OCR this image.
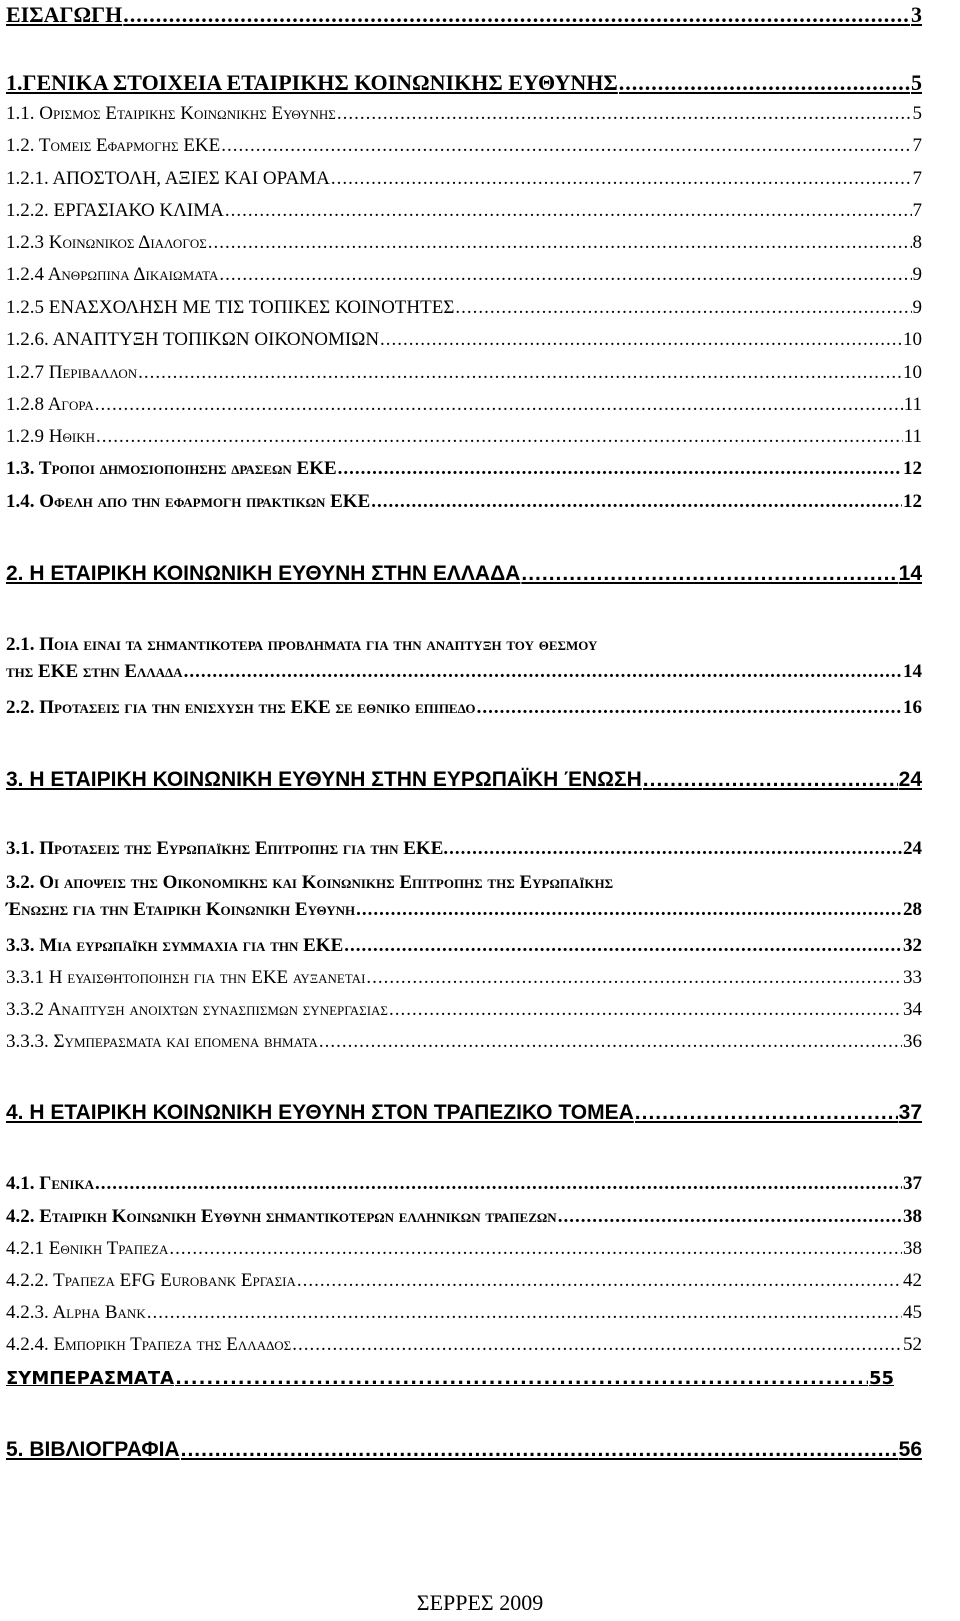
ΕΙΣΑΓΩΓΗ .....	3
1.ΓΕΝΙΚΑ ΣΤΟΙΧΕΙΑ ΕΤΑΙΡΙΚΗΣ ΚΟΙΝΩΝΙΚΗΣ ΕΥΘΥΝΗΣ .....	5
1.1. Ορισμος Εταιρικης Κοινωνικης Ευθυνης .....	5
1.2. Τομεις Εφαρμογης ΕΚΕ .....	7
1.2.1. ΑΠΟΣΤΟΛΗ, ΑΞΙΕΣ ΚΑΙ ΟΡΑΜΑ .....	7
1.2.2. ΕΡΓΑΣΙΑΚΟ ΚΛΙΜΑ .....	7
1.2.3 Κοινωνικος Διαλογος .....	8
1.2.4 Ανθρωπινα Δικαιωματα .....	9
1.2.5 ΕΝΑΣΧΟΛΗΣΗ ΜΕ ΤΙΣ ΤΟΠΙΚΕΣ ΚΟΙΝΟΤΗΤΕΣ .....	9
1.2.6. ΑΝΑΠΤΥΞΗ ΤΟΠΙΚΩΝ ΟΙΚΟΝΟΜΙΩΝ .....	10
1.2.7 Περιβαλλον .....	10
1.2.8 Αγορα .....	11
1.2.9 Ηθικη .....	11
1.3. Τροποι δημοσιοποιησης δρασεων ΕΚΕ .....	12
1.4. Οφελη απο την εφαρμογη πρακτικων ΕΚΕ .....	12
2. Η ΕΤΑΙΡΙΚΗ ΚΟΙΝΩΝΙΚΗ ΕΥΘΥΝΗ ΣΤΗΝ ΕΛΛΑΔΑ .....	14
2.1. Ποια ειναι τα σημαντικοτερα προβληματα για την αναπτυξη του θεσμου
της ΕΚΕ στην Ελλαδα .....	14
2.2. Προτασεις για την ενισχυση της ΕΚΕ σε εθνικο επιπεδο .....	16
3. Η ΕΤΑΙΡΙΚΗ ΚΟΙΝΩΝΙΚΗ ΕΥΘΥΝΗ ΣΤΗΝ ΕΥΡΩΠΑΪΚΗ ΈΝΩΣΗ .....	24
3.1. Προτασεις της Ευρωπαϊκης Επιτροπης για την ΕΚΕ. .....	24
3.2. Οι αποψεις της Οικονομικης και Κοινωνικης Επιτροπης της Ευρωπαϊκης
Ένωσης για την Εταιρικη Κοινωνικη Ευθυνη .....	28
3.3. Μια ευρωπαϊκη συμμαχια για την ΕΚΕ .....	32
3.3.1 Η ευαισθητοποιηση για την ΕΚΕ αυξανεται .....	33
3.3.2 Αναπτυξη ανοιχτων συνασπισμων συνεργασιας .....	34
3.3.3. Συμπερασματα και επομενα βηματα .....	36
4. Η ΕΤΑΙΡΙΚΗ ΚΟΙΝΩΝΙΚΗ ΕΥΘΥΝΗ ΣΤΟΝ ΤΡΑΠΕΖΙΚΟ ΤΟΜΕΑ .....	37
4.1. Γενικα .....	37
4.2. Εταιρικη Κοινωνικη Ευθυνη σημαντικοτερων ελληνικων τραπεζων .....	38
4.2.1 Εθνικη Τραπεζα .....	38
4.2.2. Τραπεζα EFG Eurobank Εργασια .....	42
4.2.3. Alpha Bank .....	45
4.2.4. Εμπορικη Τραπεζα της Ελλαδος .....	52
ΣΥΜΠΕΡΑΣΜΑΤΑ .....	55
5. ΒΙΒΛΙΟΓΡΑΦΙΑ .....	56
ΣΕΡΡΕΣ 2009
